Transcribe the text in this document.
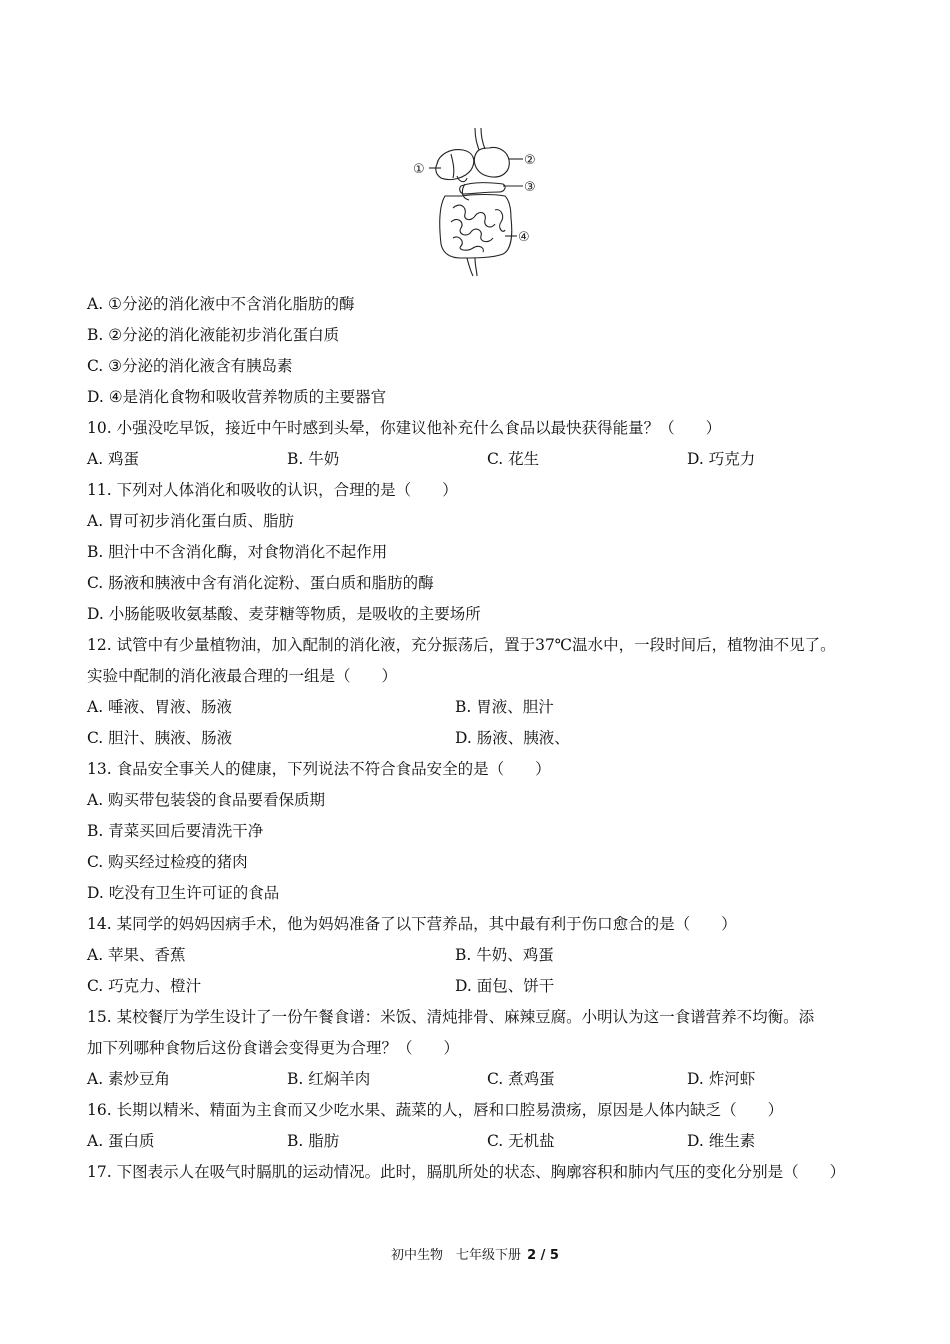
①
②
③
④
A. ①分泌的消化液中不含消化脂肪的酶
B. ②分泌的消化液能初步消化蛋白质
C. ③分泌的消化液含有胰岛素
D. ④是消化食物和吸收营养物质的主要器官
10. 小强没吃早饭，接近中午时感到头晕，你建议他补充什么食品以最快获得能量？（　　）
A. 鸡蛋	B. 牛奶	C. 花生	D. 巧克力
11. 下列对人体消化和吸收的认识，合理的是（　　）
A. 胃可初步消化蛋白质、脂肪
B. 胆汁中不含消化酶，对食物消化不起作用
C. 肠液和胰液中含有消化淀粉、蛋白质和脂肪的酶
D. 小肠能吸收氨基酸、麦芽糖等物质，是吸收的主要场所
12. 试管中有少量植物油，加入配制的消化液，充分振荡后，置于37℃温水中，一段时间后，植物油不见了。
实验中配制的消化液最合理的一组是（　　）
A. 唾液、胃液、肠液	B. 胃液、胆汁
C. 胆汁、胰液、肠液	D. 肠液、胰液、
13. 食品安全事关人的健康，下列说法不符合食品安全的是（　　）
A. 购买带包装袋的食品要看保质期
B. 青菜买回后要清洗干净
C. 购买经过检疫的猪肉
D. 吃没有卫生许可证的食品
14. 某同学的妈妈因病手术，他为妈妈准备了以下营养品，其中最有利于伤口愈合的是（　　）
A. 苹果、香蕉	B. 牛奶、鸡蛋
C. 巧克力、橙汁	D. 面包、饼干
15. 某校餐厅为学生设计了一份午餐食谱：米饭、清炖排骨、麻辣豆腐。小明认为这一食谱营养不均衡。添
加下列哪种食物后这份食谱会变得更为合理？（　　）
A. 素炒豆角	B. 红焖羊肉	C. 煮鸡蛋	D. 炸河虾
16. 长期以精米、精面为主食而又少吃水果、蔬菜的人，唇和口腔易溃疡，原因是人体内缺乏（　　）
A. 蛋白质	B. 脂肪	C. 无机盐	D. 维生素
17. 下图表示人在吸气时膈肌的运动情况。此时，膈肌所处的状态、胸廓容积和肺内气压的变化分别是（　　）
初中生物　七年级下册 2 / 5
